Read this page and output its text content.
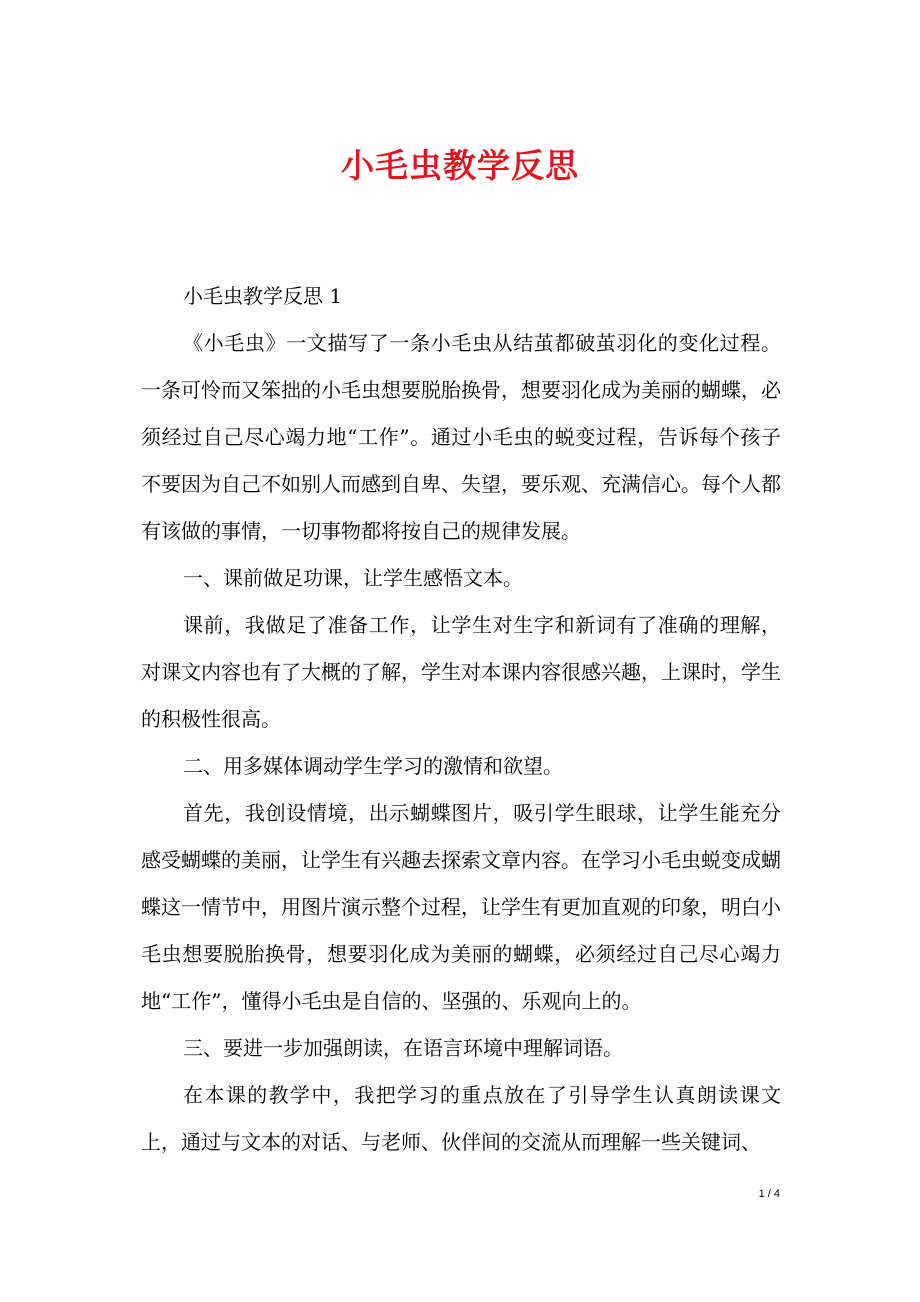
小毛虫教学反思

小毛虫教学反思 1

《小毛虫》一文描写了一条小毛虫从结茧都破茧羽化的变化过程。一条可怜而又笨拙的小毛虫想要脱胎换骨，想要羽化成为美丽的蝴蝶，必须经过自己尽心竭力地“工作”。通过小毛虫的蜕变过程，告诉每个孩子不要因为自己不如别人而感到自卑、失望，要乐观、充满信心。每个人都有该做的事情，一切事物都将按自己的规律发展。

一、课前做足功课，让学生感悟文本。

课前，我做足了准备工作，让学生对生字和新词有了准确的理解，对课文内容也有了大概的了解，学生对本课内容很感兴趣，上课时，学生的积极性很高。

二、用多媒体调动学生学习的激情和欲望。

首先，我创设情境，出示蝴蝶图片，吸引学生眼球，让学生能充分感受蝴蝶的美丽，让学生有兴趣去探索文章内容。在学习小毛虫蜕变成蝴蝶这一情节中，用图片演示整个过程，让学生有更加直观的印象，明白小毛虫想要脱胎换骨，想要羽化成为美丽的蝴蝶，必须经过自己尽心竭力地“工作”，懂得小毛虫是自信的、坚强的、乐观向上的。

三、要进一步加强朗读，在语言环境中理解词语。

在本课的教学中，我把学习的重点放在了引导学生认真朗读课文上，通过与文本的对话、与老师、伙伴间的交流从而理解一些关键词、

1 / 4
